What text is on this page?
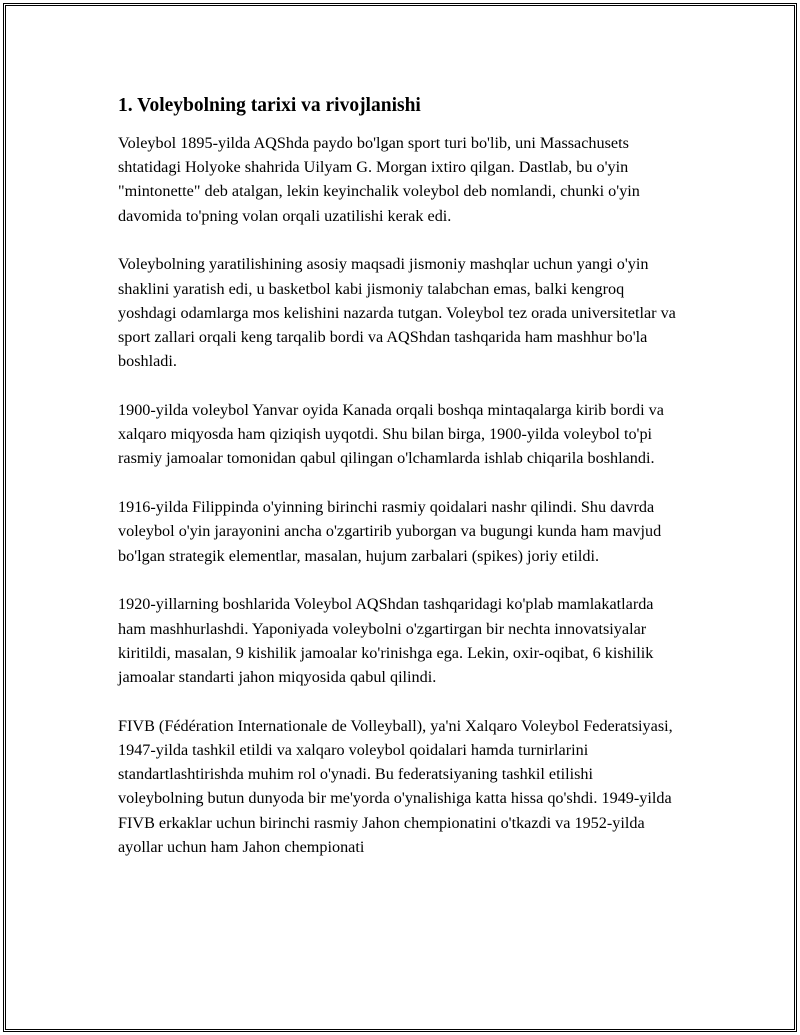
1. Voleybolning tarixi va rivojlanishi

Voleybol 1895-yilda AQShda paydo bo'lgan sport turi bo'lib, uni Massachusets shtatidagi Holyoke shahrida Uilyam G. Morgan ixtiro qilgan. Dastlab, bu o'yin "mintonette" deb atalgan, lekin keyinchalik voleybol deb nomlandi, chunki o'yin davomida to'pning volan orqali uzatilishi kerak edi.

Voleybolning yaratilishining asosiy maqsadi jismoniy mashqlar uchun yangi o'yin shaklini yaratish edi, u basketbol kabi jismoniy talabchan emas, balki kengroq yoshdagi odamlarga mos kelishini nazarda tutgan. Voleybol tez orada universitetlar va sport zallari orqali keng tarqalib bordi va AQShdan tashqarida ham mashhur bo'la boshladi.

1900-yilda voleybol Yanvar oyida Kanada orqali boshqa mintaqalarga kirib bordi va xalqaro miqyosda ham qiziqish uyqotdi. Shu bilan birga, 1900-yilda voleybol to'pi rasmiy jamoalar tomonidan qabul qilingan o'lchamlarda ishlab chiqarila boshlandi.

1916-yilda Filippinda o'yinning birinchi rasmiy qoidalari nashr qilindi. Shu davrda voleybol o'yin jarayonini ancha o'zgartirib yuborgan va bugungi kunda ham mavjud bo'lgan strategik elementlar, masalan, hujum zarbalari (spikes) joriy etildi.

1920-yillarning boshlarida Voleybol AQShdan tashqaridagi ko'plab mamlakatlarda ham mashhurlashdi. Yaponiyada voleybolni o'zgartirgan bir nechta innovatsiyalar kiritildi, masalan, 9 kishilik jamoalar ko'rinishga ega. Lekin, oxir-oqibat, 6 kishilik jamoalar standarti jahon miqyosida qabul qilindi.

FIVB (Fédération Internationale de Volleyball), ya'ni Xalqaro Voleybol Federatsiyasi, 1947-yilda tashkil etildi va xalqaro voleybol qoidalari hamda turnirlarini standartlashtirishda muhim rol o'ynadi. Bu federatsiyaning tashkil etilishi voleybolning butun dunyoda bir me'yorda o'ynalishiga katta hissa qo'shdi. 1949-yilda FIVB erkaklar uchun birinchi rasmiy Jahon chempionatini o'tkazdi va 1952-yilda ayollar uchun ham Jahon chempionati
